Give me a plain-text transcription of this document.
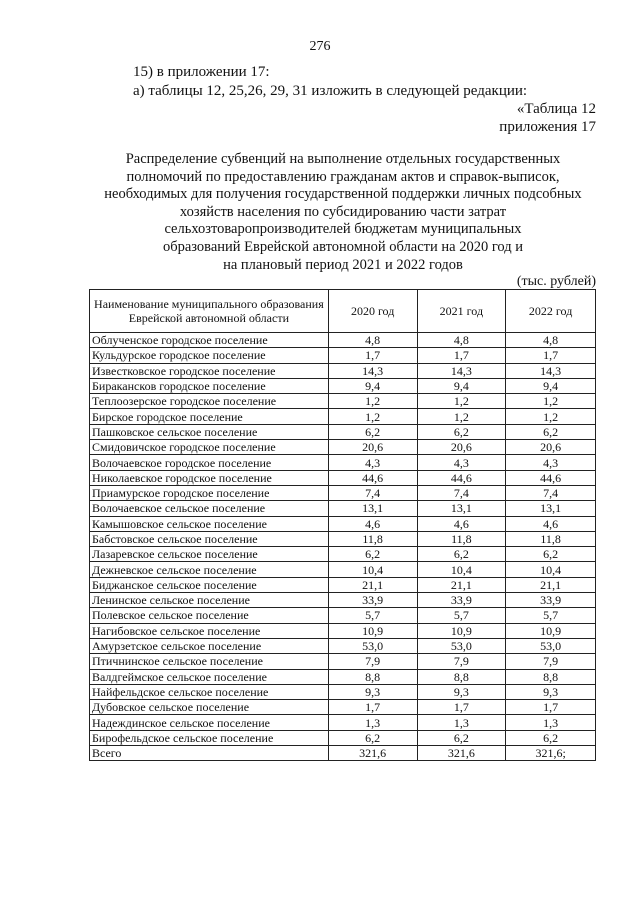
276
15) в приложении 17:
а) таблицы 12, 25,26, 29, 31 изложить в следующей редакции:
«Таблица 12
приложения 17
Распределение субвенций на выполнение отдельных государственных
полномочий по предоставлению гражданам актов и справок-выписок,
необходимых для получения государственной поддержки личных подсобных
хозяйств населения по субсидированию части затрат
сельхозтоваропроизводителей бюджетам муниципальных
образований Еврейской автономной области на 2020 год и
на плановый период 2021 и 2022 годов
(тыс. рублей)
Наименование муниципального образования Еврейской автономной области	2020 год	2021 год	2022 год
Облученское городское поселение	4,8	4,8	4,8
Кульдурское городское поселение	1,7	1,7	1,7
Известковское городское поселение	14,3	14,3	14,3
Биракансков городское поселение	9,4	9,4	9,4
Теплоозерское городское поселение	1,2	1,2	1,2
Бирское городское поселение	1,2	1,2	1,2
Пашковское сельское поселение	6,2	6,2	6,2
Смидовичское городское поселение	20,6	20,6	20,6
Волочаевское городское поселение	4,3	4,3	4,3
Николаевское городское поселение	44,6	44,6	44,6
Приамурское городское поселение	7,4	7,4	7,4
Волочаевское сельское поселение	13,1	13,1	13,1
Камышовское сельское поселение	4,6	4,6	4,6
Бабстовское сельское поселение	11,8	11,8	11,8
Лазаревское сельское поселение	6,2	6,2	6,2
Дежневское сельское поселение	10,4	10,4	10,4
Биджанское сельское поселение	21,1	21,1	21,1
Ленинское сельское поселение	33,9	33,9	33,9
Полевское сельское поселение	5,7	5,7	5,7
Нагибовское сельское поселение	10,9	10,9	10,9
Амурзетское сельское поселение	53,0	53,0	53,0
Птичнинское сельское поселение	7,9	7,9	7,9
Валдгеймское сельское поселение	8,8	8,8	8,8
Найфельдское сельское поселение	9,3	9,3	9,3
Дубовское сельское поселение	1,7	1,7	1,7
Надеждинское сельское поселение	1,3	1,3	1,3
Бирофельдское сельское поселение	6,2	6,2	6,2
Всего	321,6	321,6	321,6;
